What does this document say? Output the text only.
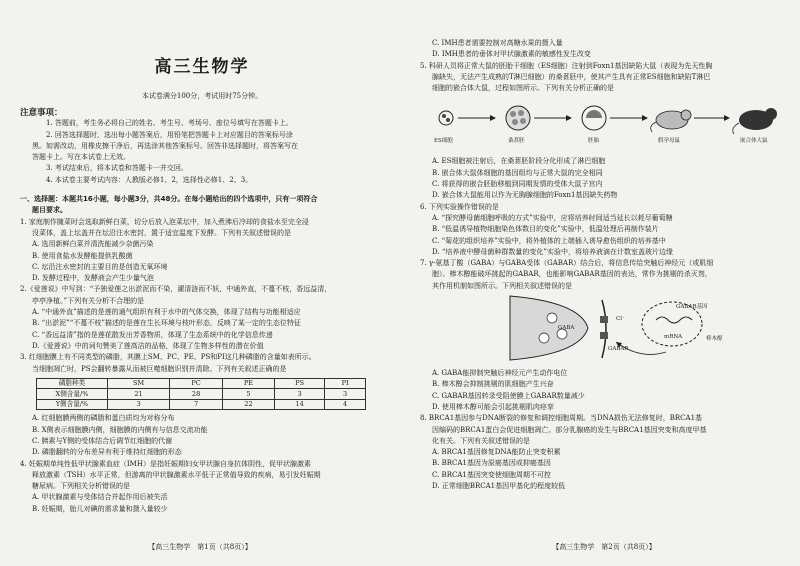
高三生物学
本试卷满分100分，考试用时75分钟。
注意事项：
1. 答题前，考生务必将自己的姓名、考生号、考场号、座位号填写在答题卡上。
2. 回答选择题时，选出每小题答案后，用铅笔把答题卡上对应题目的答案标号涂
黑。如需改动，用橡皮擦干净后，再选涂其他答案标号。回答非选择题时，将答案写在
答题卡上。写在本试卷上无效。
3. 考试结束后，将本试卷和答题卡一并交回。
4. 本试卷主要考试内容：人教版必修1、2，选择性必修1、2、3。
一、选择题：本题共16小题，每小题3分，共48分。在每小题给出的四个选项中，只有一项符合
题目要求。
1. 家庭制作腌菜时会选取新鲜白菜，切分后放入泡菜坛中，加入煮沸后冷却的食盐水至完全浸
没菜体，盖上坛盖并在坛沿注水密封，置于适宜温度下发酵。下列有关叙述错误的是
A. 选用新鲜白菜并清洗能减少杂菌污染
B. 使用食盐水发酵能提供乳酸菌
C. 坛沿注水密封的主要目的是创造无氧环境
D. 发酵过程中，发酵液会产生少量气泡
2.《爱莲说》中写到：“予独爱莲之出淤泥而不染，濯清涟而不妖，中通外直，不蔓不枝，香远益清，
亭亭净植。”下列有关分析不合理的是
A. “中通外直”描述的是莲的通气组织有利于水中的气体交换，体现了结构与功能相适应
B. “出淤泥”“不蔓不枝”描述的是莲在生长环境与枝叶形态，反映了某一定的生态位特征
C. “香远益清”指的是莲花散发出芳香物质，体现了生态系统中的化学信息传递
D.《爱莲说》中的词句赞美了莲高洁的品格，体现了生物多样性的潜在价值
3. 红细胞膜上有不同类型的磷脂，其膜上SM、PC、PE、PS和PI这几种磷脂的含量如表所示。
当细胞凋亡时，PS会翻转暴露从而被巨噬细胞识别并清除。下列有关叙述正确的是
磷脂种类	SM	PC	PE	PS	PI
X侧含量/%	21	28	5	3	3
Y侧含量/%	3	7	22	14	4
A. 红细胞膜两侧的磷脂和蛋白质均为对称分布
B. X侧表示细胞膜内侧，细胞膜的内侧有与信息交流功能
C. 胰素与Y侧的受体结合后调节红细胞的代谢
D. 磷脂翻转的分布差异有利于维持红细胞的形态
4. 妊娠期单纯性低甲状腺素血症（IMH）是指妊娠期妇女甲状腺自身抗体阴性，促甲状腺激素
释放激素（TSH）水平正常，但游离的甲状腺激素水平低于正常值导致的疾病，易引发妊娠期
糖尿病。下列相关分析错误的是
A. 甲状腺激素与受体结合并起作用后被失活
B. 妊娠期，胎儿对碘的需求量和摄入量较少
【高三生物学　第1页（共8页）】
C. IMH患者需要控制对高糖水果的摄入量
D. IMH患者的垂体对甲状腺激素的敏感性发生改变
5. 科研人员将正常大鼠的胚胎干细胞（ES细胞）注射到Foxn1基因缺陷大鼠（表现为先天性胸
腺缺失，无法产生成熟的T淋巴细胞）的桑葚胚中，使其产生具有正常ES细胞和缺陷T淋巴
细胞的嵌合体大鼠，过程如图所示。下列有关分析正确的是
ES细胞	桑葚胚	胚胎	假孕母鼠	嵌合体大鼠
A. ES细胞被注射后，在桑葚胚阶段分化形成了淋巴细胞
B. 嵌合体大鼠体细胞的基因组均与正常大鼠的完全相同
C. 将获得的嵌合胚胎移植到同期发情的受体大鼠子宫内
D. 嵌合体大鼠能用以作为无胸腺细胞的Foxn1基因缺失药物
6. 下列实验操作错误的是
A. “探究酵母菌细胞呼吸的方式”实验中，应将培养时间适当延长以耗尽葡萄糖
B. “低温诱导植物细胞染色体数目的变化”实验中，低温处理后再制作装片
C. “菊花的组织培养”实验中，将外植体的上端插入诱导愈伤组织的培养基中
D. “培养液中酵母菌种群数量的变化”实验中，将培养液滴在计数室盖玻片边缘
7. γ-氨基丁酸（GABA）与GABA受体（GABAR）结合后，将信息传给突触后神经元（或肌细
胞）。棒木醇能破坏挑起的GABAR，也能影响GABAR基因的表达，常作为挑剔的杀灭剂，
其作用机制如图所示。下列相关叙述错误的是
GABA
GABAR
GABAR基因
mRNA	棒木醇
Cl⁻
A. GABA能抑制突触后神经元产生动作电位
B. 棒木醇会抑制挑剔的肌细胞产生兴奋
C. GABAR基因转录受阻使膜上GABAR数量减少
D. 使用棒木醇可能会引起挑剔肌肉痉挛
8. BRCA1基因参与DNA断裂的修复和调控细胞周期。当DNA损伤无法修复时，BRCA1基
因编码的BRCA1蛋白会促进细胞凋亡。部分乳腺癌的发生与BRCA1基因突变和高度甲基
化有关。下列有关叙述错误的是
A. BRCA1基因修复DNA能防止突变积累
B. BRCA1基因为原癌基因或抑癌基因
C. BRCA1基因突变使细胞周期不可控
D. 正常细胞BRCA1基因甲基化的程度较低
【高三生物学　第2页（共8页）】
